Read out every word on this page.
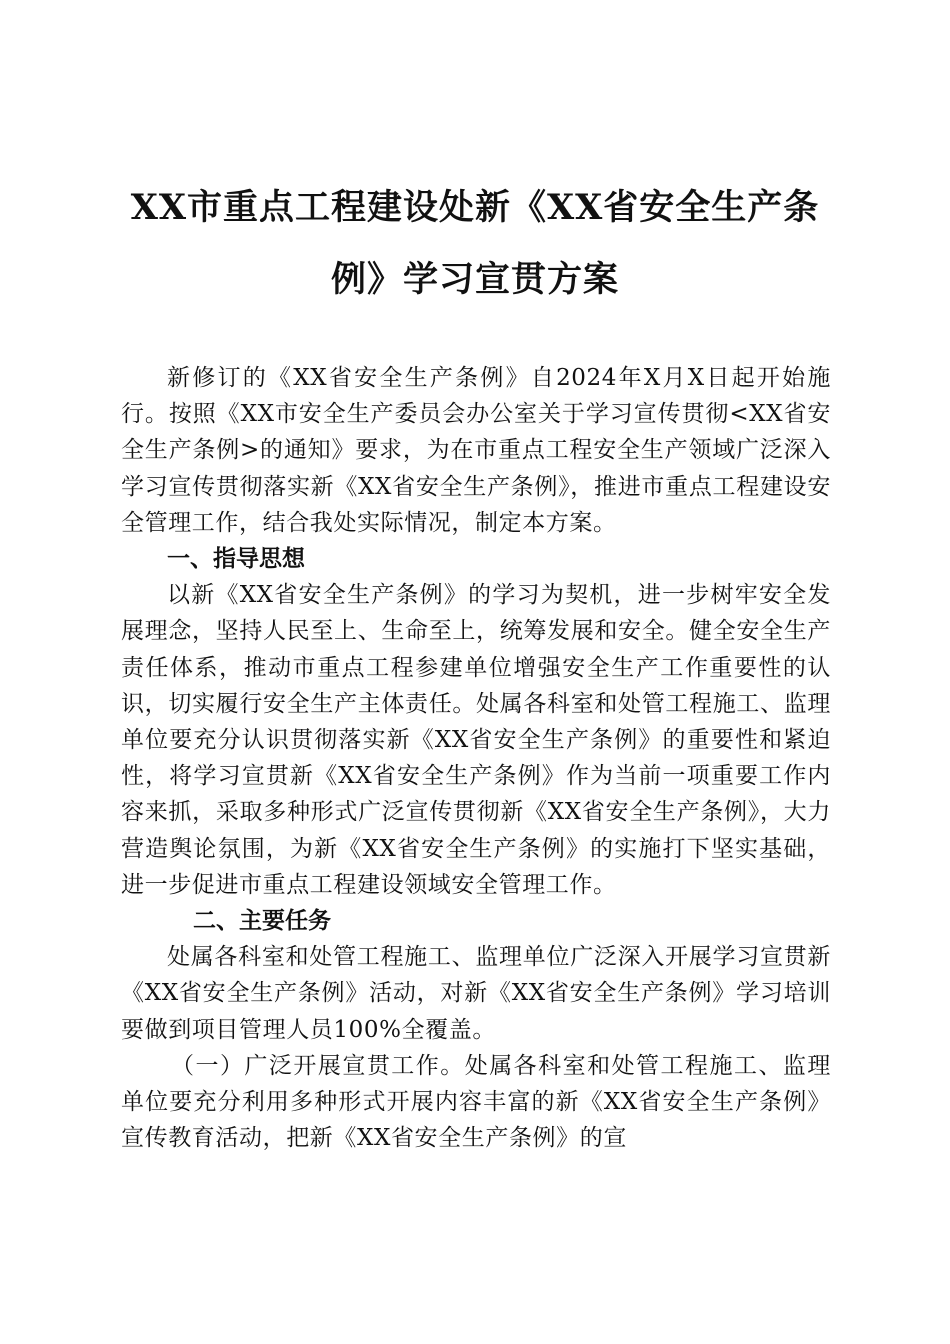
XX市重点工程建设处新《XX省安全生产条
例》学习宣贯方案

新修订的《XX省安全生产条例》自2024年X月X日起开始施行。按照《XX市安全生产委员会办公室关于学习宣传贯彻<XX省安全生产条例>的通知》要求，为在市重点工程安全生产领域广泛深入学习宣传贯彻落实新《XX省安全生产条例》，推进市重点工程建设安全管理工作，结合我处实际情况，制定本方案。

一、指导思想

以新《XX省安全生产条例》的学习为契机，进一步树牢安全发展理念，坚持人民至上、生命至上，统筹发展和安全。健全安全生产责任体系，推动市重点工程参建单位增强安全生产工作重要性的认识，切实履行安全生产主体责任。处属各科室和处管工程施工、监理单位要充分认识贯彻落实新《XX省安全生产条例》的重要性和紧迫性，将学习宣贯新《XX省安全生产条例》作为当前一项重要工作内容来抓，采取多种形式广泛宣传贯彻新《XX省安全生产条例》，大力营造舆论氛围，为新《XX省安全生产条例》的实施打下坚实基础，进一步促进市重点工程建设领域安全管理工作。

二、主要任务

处属各科室和处管工程施工、监理单位广泛深入开展学习宣贯新《XX省安全生产条例》活动，对新《XX省安全生产条例》学习培训要做到项目管理人员100%全覆盖。

（一）广泛开展宣贯工作。处属各科室和处管工程施工、监理单位要充分利用多种形式开展内容丰富的新《XX省安全生产条例》宣传教育活动，把新《XX省安全生产条例》的宣
